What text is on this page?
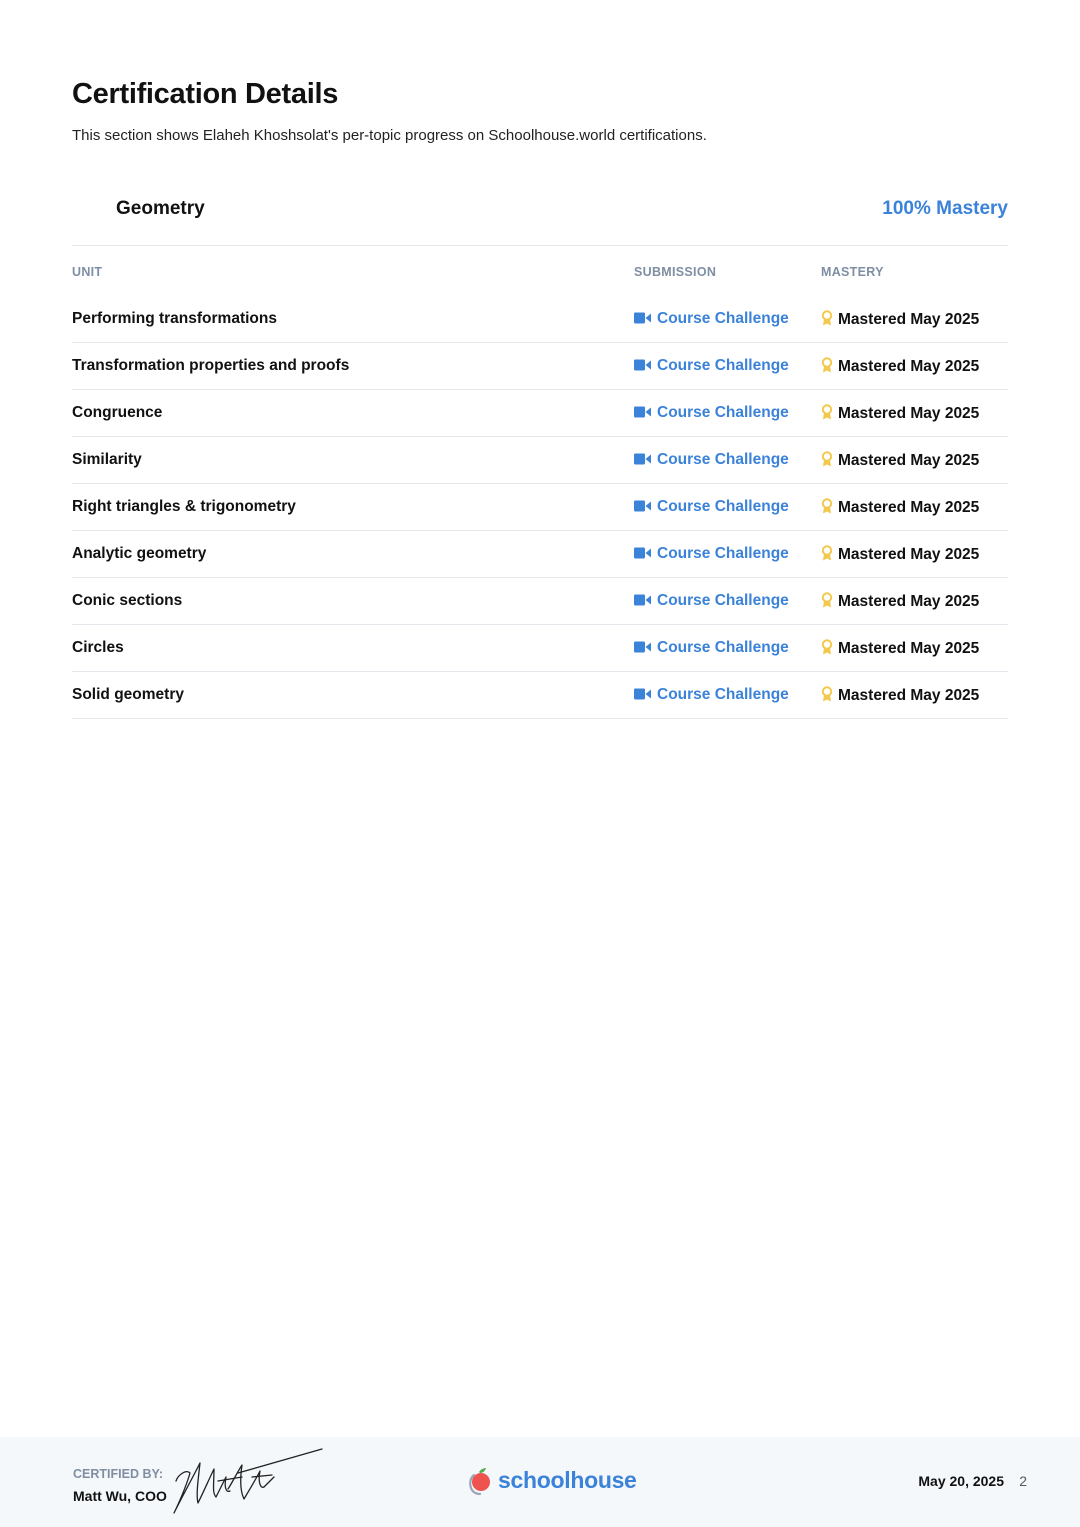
Certification Details

This section shows Elaheh Khoshsolat's per-topic progress on Schoolhouse.world certifications.

Geometry	100% Mastery
UNIT	SUBMISSION	MASTERY
Performing transformations	Course Challenge	Mastered May 2025
Transformation properties and proofs	Course Challenge	Mastered May 2025
Congruence	Course Challenge	Mastered May 2025
Similarity	Course Challenge	Mastered May 2025
Right triangles & trigonometry	Course Challenge	Mastered May 2025
Analytic geometry	Course Challenge	Mastered May 2025
Conic sections	Course Challenge	Mastered May 2025
Circles	Course Challenge	Mastered May 2025
Solid geometry	Course Challenge	Mastered May 2025
CERTIFIED BY:
Matt Wu, COO
schoolhouse	May 20, 2025 2
